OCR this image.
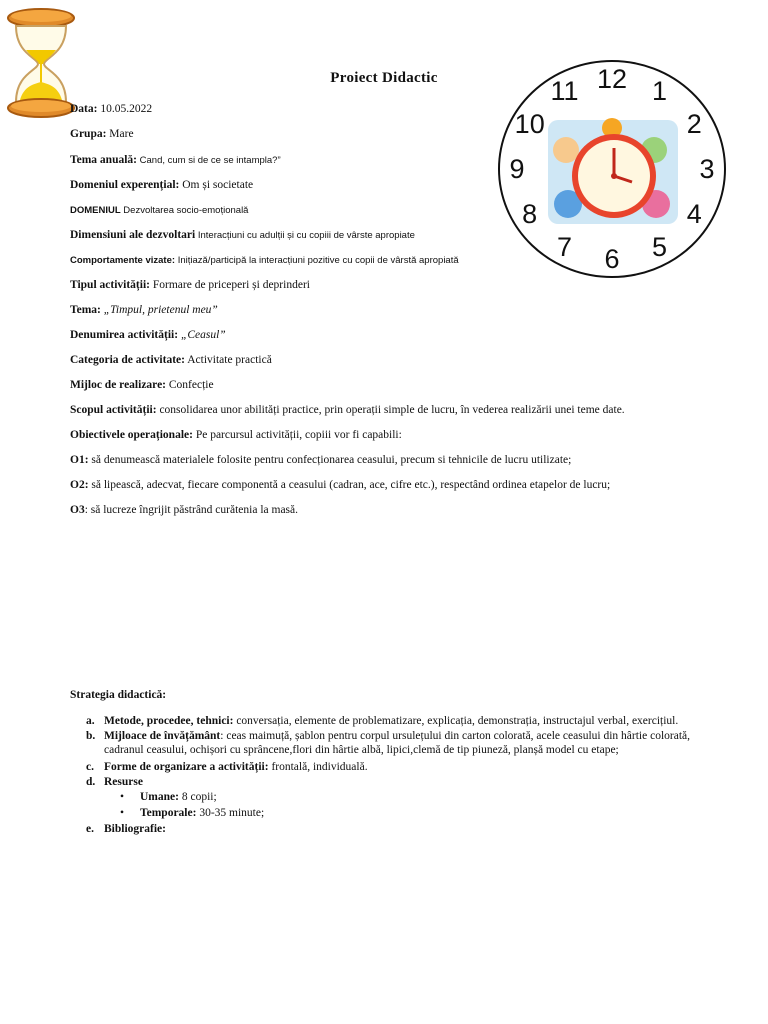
12 1
2
3
4
5
6
7
8
9
10
11
Proiect Didactic
Data: 10.05.2022
Grupa: Mare
Tema anuală: Cand, cum si de ce se intampla?”
Domeniul experențial: Om și societate
DOMENIUL Dezvoltarea socio-emoțională
Dimensiuni ale dezvoltari Interacțiuni cu adulții și cu copiii de vârste apropiate
Comportamente vizate: Inițiază/participă la interacțiuni pozitive cu copii de vârstă apropiată
Tipul activității: Formare de priceperi și deprinderi
Tema: „Timpul, prietenul meu”
Denumirea activității: „Ceasul”
Categoria de activitate: Activitate practică
Mijloc de realizare: Confecție
Scopul activității: consolidarea unor abilități practice, prin operații simple de lucru, în vederea realizării unei teme date.
Obiectivele operaționale: Pe parcursul activității, copiii vor fi capabili:
O1: să denumească materialele folosite pentru confecționarea ceasului, precum si tehnicile de lucru utilizate;
O2: să lipească, adecvat, fiecare componentă a ceasului (cadran, ace, cifre etc.), respectând ordinea etapelor de lucru;
O3: să lucreze îngrijit păstrând curătenia la masă.
Strategia didactică:
a. Metode, procedee, tehnici: conversația, elemente de problematizare, explicația, demonstrația, instructajul verbal, exercițiul.
b. Mijloace de învățământ: ceas maimuță, șablon pentru corpul ursulețului din carton colorată, acele ceasului din hârtie colorată,
cadranul ceasului, ochișori cu sprâncene,flori din hârtie albă, lipici,clemă de tip piuneză, planșă model cu etape;
c. Forme de organizare a activității: frontală, individuală.
d. Resurse
• Umane: 8 copii;
• Temporale: 30-35 minute;
e. Bibliografie:
